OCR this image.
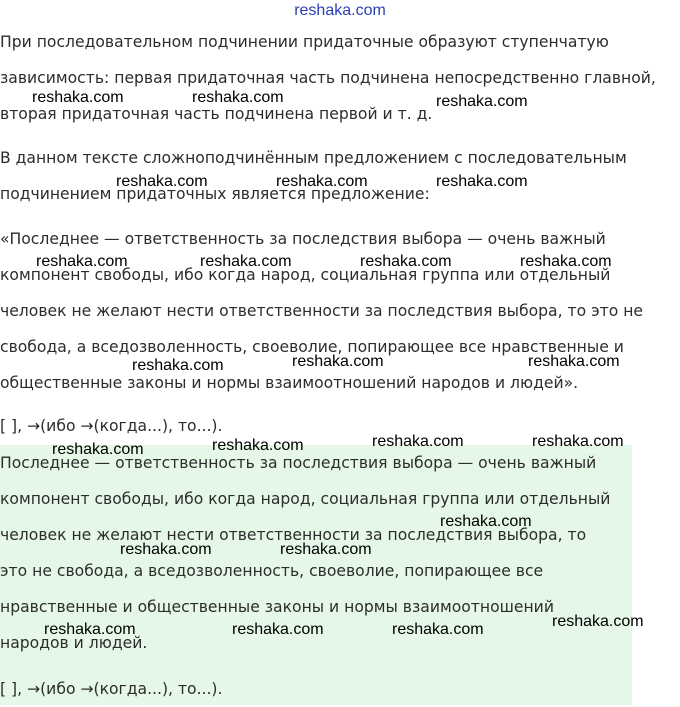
reshaka.com

При последовательном подчинении придаточные образуют ступенчатую
зависимость: первая придаточная часть подчинена непосредственно главной,
вторая придаточная часть подчинена первой и т. д.

В данном тексте сложноподчинённым предложением с последовательным
подчинением придаточных является предложение:

«Последнее — ответственность за последствия выбора — очень важный
компонент свободы, ибо когда народ, социальная группа или отдельный
человек не желают нести ответственности за последствия выбора, то это не
свобода, а вседозволенность, своеволие, попирающее все нравственные и
общественные законы и нормы взаимоотношений народов и людей».

[ ], →(ибо →(когда...), то...).

Последнее — ответственность за последствия выбора — очень важный
компонент свободы, ибо когда народ, социальная группа или отдельный
человек не желают нести ответственности за последствия выбора, то
это не свобода, а вседозволенность, своеволие, попирающее все
нравственные и общественные законы и нормы взаимоотношений
народов и людей.

[ ], →(ибо →(когда...), то...).

reshaka.com	reshaka.com	reshaka.com
reshaka.com	reshaka.com	reshaka.com
reshaka.com	reshaka.com	reshaka.com	reshaka.com
reshaka.com	reshaka.com	reshaka.com
reshaka.com	reshaka.com	reshaka.com	reshaka.com
reshaka.com
reshaka.com	reshaka.com
reshaka.com	reshaka.com	reshaka.com	reshaka.com
